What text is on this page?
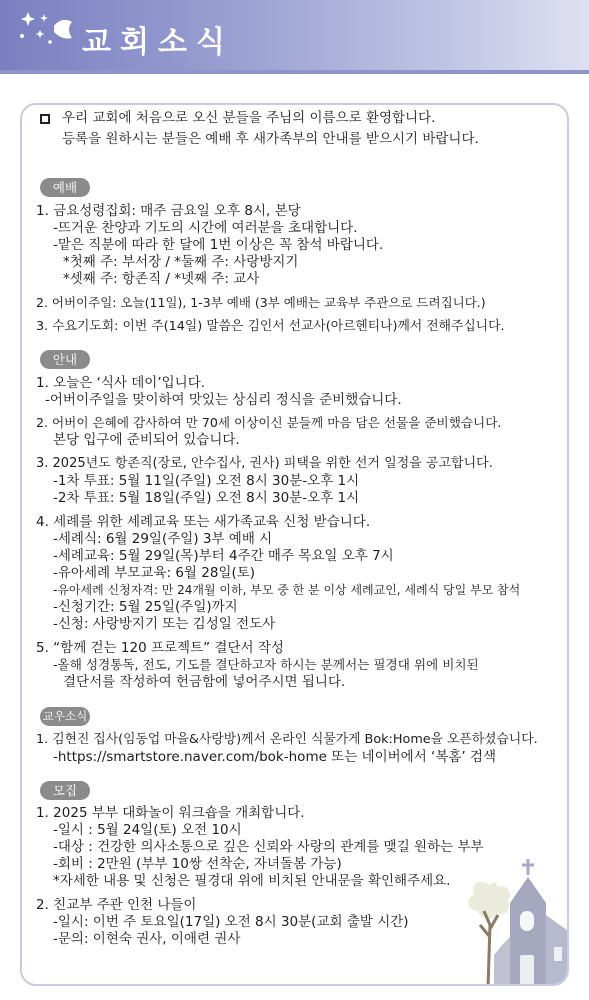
교회소식
우리 교회에 처음으로 오신 분들을 주님의 이름으로 환영합니다.
등록을 원하시는 분들은 예배 후 새가족부의 안내를 받으시기 바랍니다.
예배
1. 금요성령집회: 매주 금요일 오후 8시, 본당
-뜨거운 찬양과 기도의 시간에 여러분을 초대합니다.
-맡은 직분에 따라 한 달에 1번 이상은 꼭 참석 바랍니다.
*첫째 주: 부서장 / *둘째 주: 사랑방지기
*셋째 주: 항존직 / *넷째 주: 교사
2. 어버이주일: 오늘(11일), 1-3부 예배 (3부 예배는 교육부 주관으로 드려집니다.)
3. 수요기도회: 이번 주(14일) 말씀은 김인서 선교사(아르헨티나)께서 전해주십니다.
안내
1. 오늘은 ‘식사 데이’입니다.
-어버이주일을 맞이하여 맛있는 상심리 정식을 준비했습니다.
2. 어버이 은혜에 감사하여 만 70세 이상이신 분들께 마음 담은 선물을 준비했습니다.
본당 입구에 준비되어 있습니다.
3. 2025년도 항존직(장로, 안수집사, 권사) 피택을 위한 선거 일정을 공고합니다.
-1차 투표: 5월 11일(주일) 오전 8시 30분-오후 1시
-2차 투표: 5월 18일(주일) 오전 8시 30분-오후 1시
4. 세례를 위한 세례교육 또는 새가족교육 신청 받습니다.
-세례식: 6월 29일(주일) 3부 예배 시
-세례교육: 5월 29일(목)부터 4주간 매주 목요일 오후 7시
-유아세례 부모교육: 6월 28일(토)
-유아세례 신청자격: 만 24개월 이하, 부모 중 한 분 이상 세례교인, 세례식 당일 부모 참석
-신청기간: 5월 25일(주일)까지
-신청: 사랑방지기 또는 김성일 전도사
5. “함께 걷는 120 프로젝트” 결단서 작성
-올해 성경통독, 전도, 기도를 결단하고자 하시는 분께서는 필경대 위에 비치된
결단서를 작성하여 헌금함에 넣어주시면 됩니다.
교우소식
1. 김현진 집사(임동업 마을&사랑방)께서 온라인 식물가게 Bok:Home을 오픈하셨습니다.
-https://smartstore.naver.com/bok-home 또는 네이버에서 ‘복홈’ 검색
모집
1. 2025 부부 대화놀이 워크숍을 개최합니다.
-일시 : 5월 24일(토) 오전 10시
-대상 : 건강한 의사소통으로 깊은 신뢰와 사랑의 관계를 맺길 원하는 부부
-회비 : 2만원 (부부 10쌍 선착순, 자녀돌봄 가능)
*자세한 내용 및 신청은 필경대 위에 비치된 안내문을 확인해주세요.
2. 친교부 주관 인천 나들이
-일시: 이번 주 토요일(17일) 오전 8시 30분(교회 출발 시간)
-문의: 이현숙 권사, 이애련 권사
